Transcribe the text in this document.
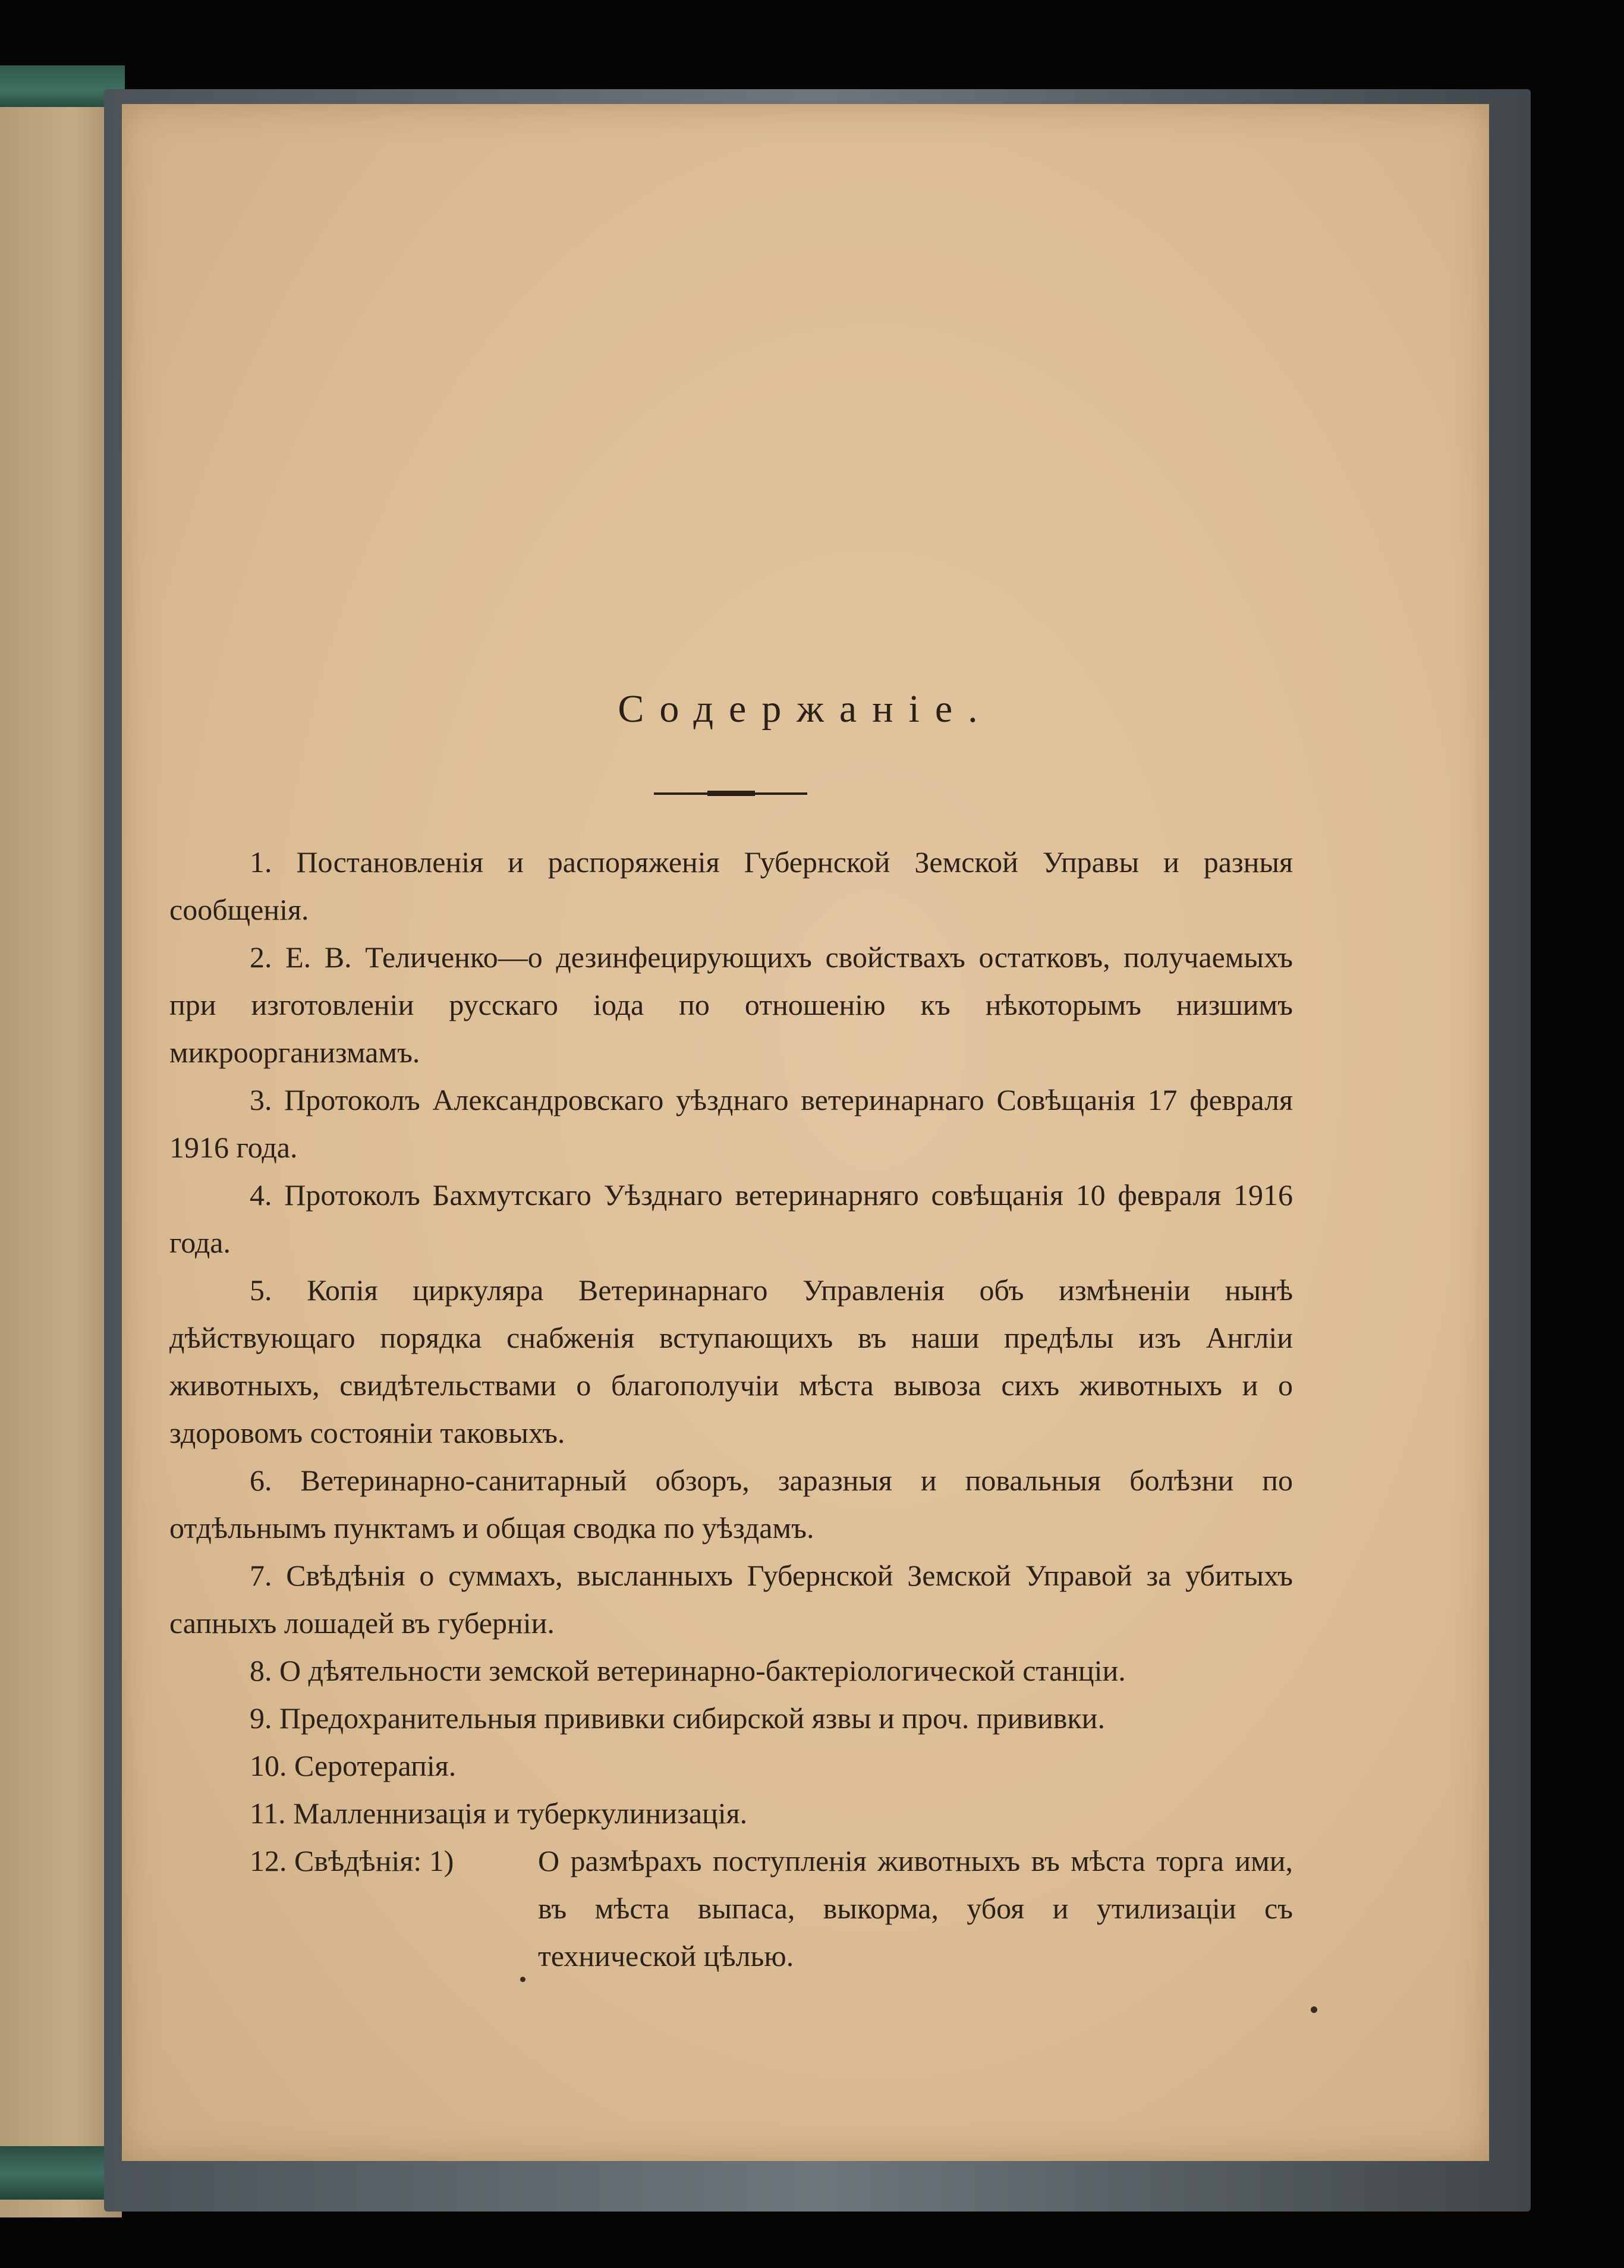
Содержанiе.

1. Постановленія и распоряженія Губернской Земской Управы и разныя сообщенія.

2. Е. В. Теличенко—о дезинфецирующихъ свойствахъ остатковъ, получаемыхъ при изготовленіи русскаго іода по отношенію къ нѣкоторымъ низшимъ микроорганизмамъ.

3. Протоколъ Александровскаго уѣзднаго ветеринарнаго Совѣщанія 17 февраля 1916 года.

4. Протоколъ Бахмутскаго Уѣзднаго ветеринарняго совѣщанія 10 февраля 1916 года.

5. Копія циркуляра Ветеринарнаго Управленія объ измѣненіи нынѣ дѣйствующаго порядка снабженія вступающихъ въ наши предѣлы изъ Англіи животныхъ, свидѣтельствами о благополучіи мѣста вывоза сихъ животныхъ и о здоровомъ состояніи таковыхъ.

6. Ветеринарно-санитарный обзоръ, заразныя и повальныя болѣзни по отдѣльнымъ пунктамъ и общая сводка по уѣздамъ.

7. Свѣдѣнія о суммахъ, высланныхъ Губернской Земской Управой за убитыхъ сапныхъ лошадей въ губерніи.

8. О дѣятельности земской ветеринарно-бактеріологической станціи.

9. Предохранительныя прививки сибирской язвы и проч. прививки.

10. Серотерапія.

11. Малленнизація и туберкулинизація.

12. Свѣдѣнія: 1)	О размѣрахъ поступленія животныхъ въ мѣста торга ими, въ мѣста выпаса, выкорма, убоя и утилизаціи съ технической цѣлью.
